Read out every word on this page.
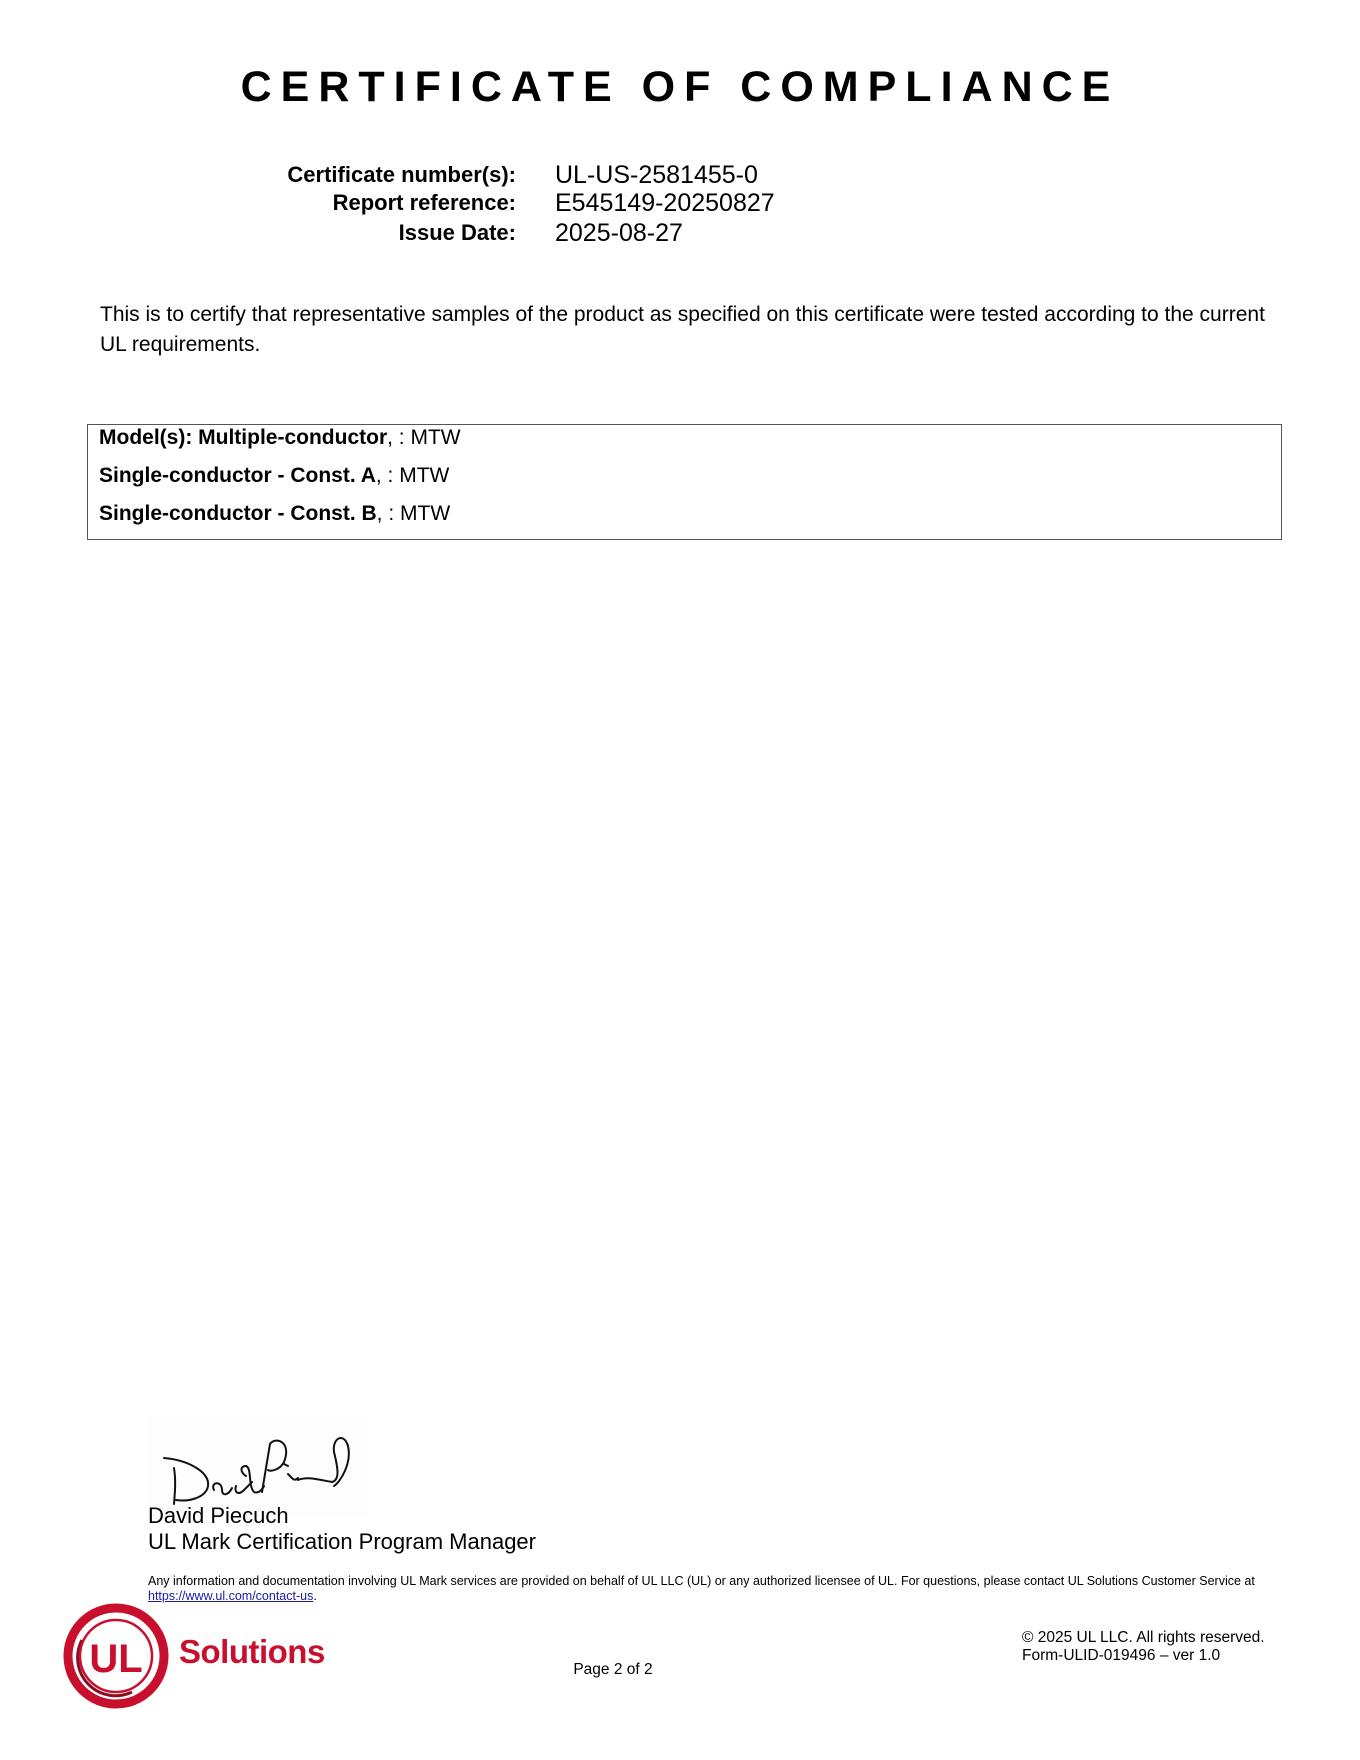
CERTIFICATE OF COMPLIANCE
Certificate number(s): UL-US-2581455-0
Report reference: E545149-20250827
Issue Date: 2025-08-27
This is to certify that representative samples of the product as specified on this certificate were tested according to the current UL requirements.
Model(s): Multiple-conductor, : MTW
Single-conductor - Const. A, : MTW
Single-conductor - Const. B, : MTW
David Piecuch
UL Mark Certification Program Manager
Any information and documentation involving UL Mark services are provided on behalf of UL LLC (UL) or any authorized licensee of UL. For questions, please contact UL Solutions Customer Service at https://www.ul.com/contact-us.
UL Solutions	Page 2 of 2
© 2025 UL LLC. All rights reserved.
Form-ULID-019496 – ver 1.0
